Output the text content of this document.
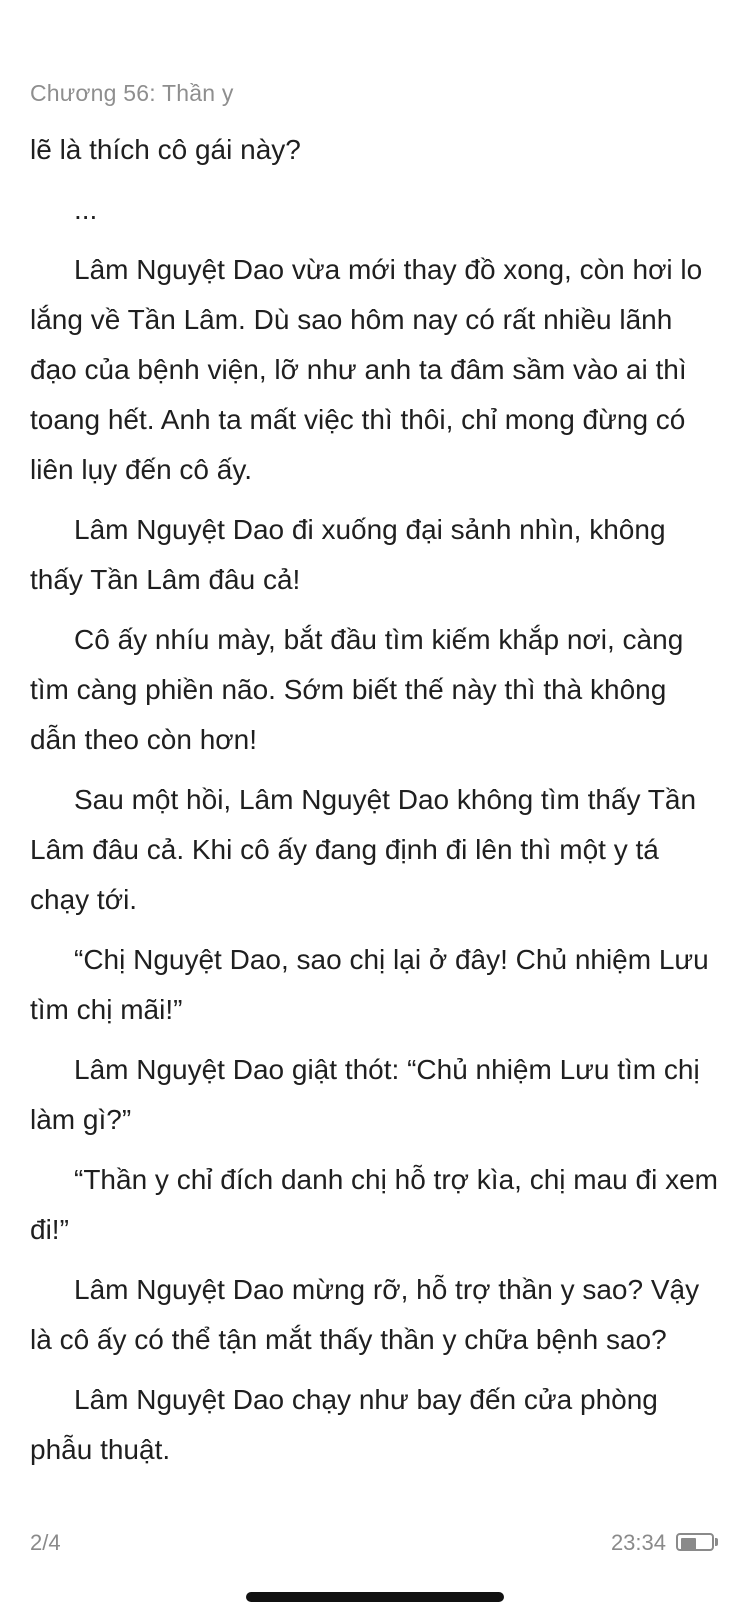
Chương 56: Thần y

lẽ là thích cô gái này?

...

Lâm Nguyệt Dao vừa mới thay đồ xong, còn hơi lo lắng về Tần Lâm. Dù sao hôm nay có rất nhiều lãnh đạo của bệnh viện, lỡ như anh ta đâm sầm vào ai thì toang hết. Anh ta mất việc thì thôi, chỉ mong đừng có liên lụy đến cô ấy.

Lâm Nguyệt Dao đi xuống đại sảnh nhìn, không thấy Tần Lâm đâu cả!

Cô ấy nhíu mày, bắt đầu tìm kiếm khắp nơi, càng tìm càng phiền não. Sớm biết thế này thì thà không dẫn theo còn hơn!

Sau một hồi, Lâm Nguyệt Dao không tìm thấy Tần Lâm đâu cả. Khi cô ấy đang định đi lên thì một y tá chạy tới.

“Chị Nguyệt Dao, sao chị lại ở đây! Chủ nhiệm Lưu tìm chị mãi!”

Lâm Nguyệt Dao giật thót: “Chủ nhiệm Lưu tìm chị làm gì?”

“Thần y chỉ đích danh chị hỗ trợ kìa, chị mau đi xem đi!”

Lâm Nguyệt Dao mừng rỡ, hỗ trợ thần y sao? Vậy là cô ấy có thể tận mắt thấy thần y chữa bệnh sao?

Lâm Nguyệt Dao chạy như bay đến cửa phòng phẫu thuật.

2/4	23:34
